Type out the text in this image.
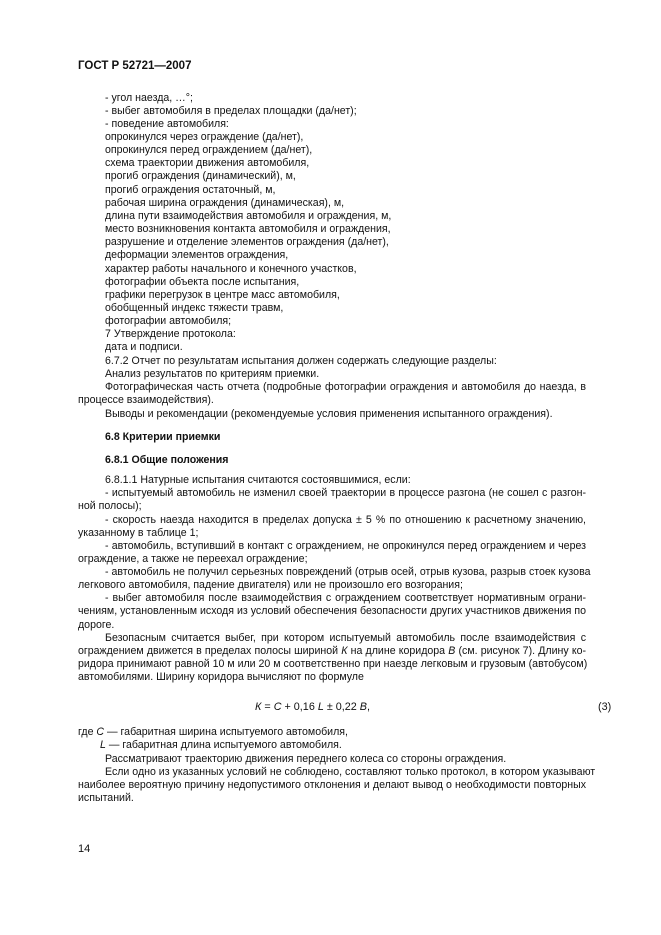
ГОСТ Р 52721—2007
- угол наезда, …°;
- выбег автомобиля в пределах площадки (да/нет);
- поведение автомобиля:
опрокинулся через ограждение (да/нет),
опрокинулся перед ограждением (да/нет),
схема траектории движения автомобиля,
прогиб ограждения (динамический), м,
прогиб ограждения остаточный, м,
рабочая ширина ограждения (динамическая), м,
длина пути взаимодействия автомобиля и ограждения, м,
место возникновения контакта автомобиля и ограждения,
разрушение и отделение элементов ограждения (да/нет),
деформации элементов ограждения,
характер работы начального и конечного участков,
фотографии объекта после испытания,
графики перегрузок в центре масс автомобиля,
обобщенный индекс тяжести травм,
фотографии автомобиля;
7 Утверждение протокола:
дата и подписи.
6.7.2 Отчет по результатам испытания должен содержать следующие разделы:
Анализ результатов по критериям приемки.
Фотографическая часть отчета (подробные фотографии ограждения и автомобиля до наезда, в
процессе взаимодействия).
Выводы и рекомендации (рекомендуемые условия применения испытанного ограждения).
6.8 Критерии приемки
6.8.1 Общие положения
6.8.1.1 Натурные испытания считаются состоявшимися, если:
- испытуемый автомобиль не изменил своей траектории в процессе разгона (не сошел с разгон-
ной полосы);
- скорость наезда находится в пределах допуска ± 5 % по отношению к расчетному значению,
указанному в таблице 1;
- автомобиль, вступивший в контакт с ограждением, не опрокинулся перед ограждением и через
ограждение, а также не переехал ограждение;
- автомобиль не получил серьезных повреждений (отрыв осей, отрыв кузова, разрыв стоек кузова
легкового автомобиля, падение двигателя) или не произошло его возгорания;
- выбег автомобиля после взаимодействия с ограждением соответствует нормативным ограни-
чениям, установленным исходя из условий обеспечения безопасности других участников движения по
дороге.
Безопасным считается выбег, при котором испытуемый автомобиль после взаимодействия с
ограждением движется в пределах полосы шириной К на длине коридора В (см. рисунок 7). Длину ко-
ридора принимают равной 10 м или 20 м соответственно при наезде легковым и грузовым (автобусом)
автомобилями. Ширину коридора вычисляют по формуле
К = С + 0,16 L ± 0,22 В,	(3)
где С — габаритная ширина испытуемого автомобиля,
L — габаритная длина испытуемого автомобиля.
Рассматривают траекторию движения переднего колеса со стороны ограждения.
Если одно из указанных условий не соблюдено, составляют только протокол, в котором указывают
наиболее вероятную причину недопустимого отклонения и делают вывод о необходимости повторных
испытаний.
14
